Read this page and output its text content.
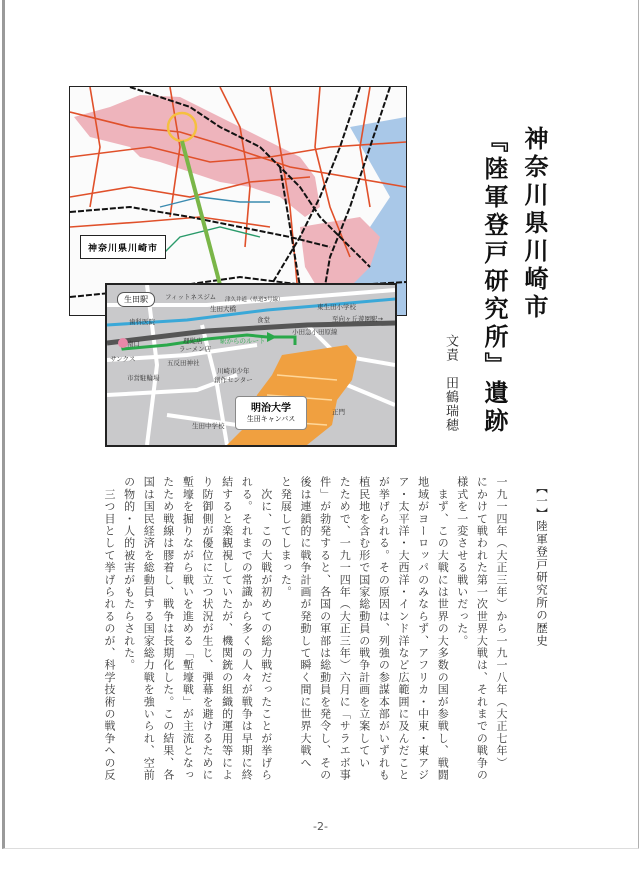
神奈川県川崎市
生田駅	フィットネスジム 津久井道（県道3号線）
東生田小学校
生田大橋
歯科医院	食堂	至向ヶ丘遊園駅→
小田急小田原線
南口	理髪店
ラーメン店
駅からのルート
サンクス	五反田神社
市営駐輪場
川崎市少年
創作センター
正門
生田中学校
明治大学
生田キャンパス
神奈川県川崎市
『陸軍登戸研究所』遺跡
文責　田鶴瑞穂
【一】陸軍登戸研究所の歴史
一九一四年（大正三年）から一九一八年（大正七年）
にかけて戦われた第一次世界大戦は、それまでの戦争の
様式を一変させる戦いだった。
　まず、この大戦には世界の大多数の国が参戦し、戦闘
地域がヨーロッパのみならず、アフリカ・中東・東アジ
ア・太平洋・大西洋・インド洋など広範囲に及んだこと
が挙げられる。その原因は、列強の参謀本部がいずれも
植民地を含む形で国家総動員の戦争計画を立案してい
たためで、一九一四年（大正三年）六月に「サラエボ事
件」が勃発すると、各国の軍部は総動員を発令し、その
後は連鎖的に戦争計画が発動して瞬く間に世界大戦へ
と発展してしまった。
　次に、この大戦が初めての総力戦だったことが挙げら
れる。それまでの常識から多くの人々が戦争は早期に終
結すると楽観視していたが、機関銃の組織的運用等によ
り防御側が優位に立つ状況が生じ、弾幕を避けるために
塹壕を掘りながら戦いを進める「塹壕戦」が主流となっ
たため戦線は膠着し、戦争は長期化した。この結果、各
国は国民経済を総動員する国家総力戦を強いられ、空前
の物的・人的被害がもたらされた。
　三つ目として挙げられるのが、科学技術の戦争への反
-2-
